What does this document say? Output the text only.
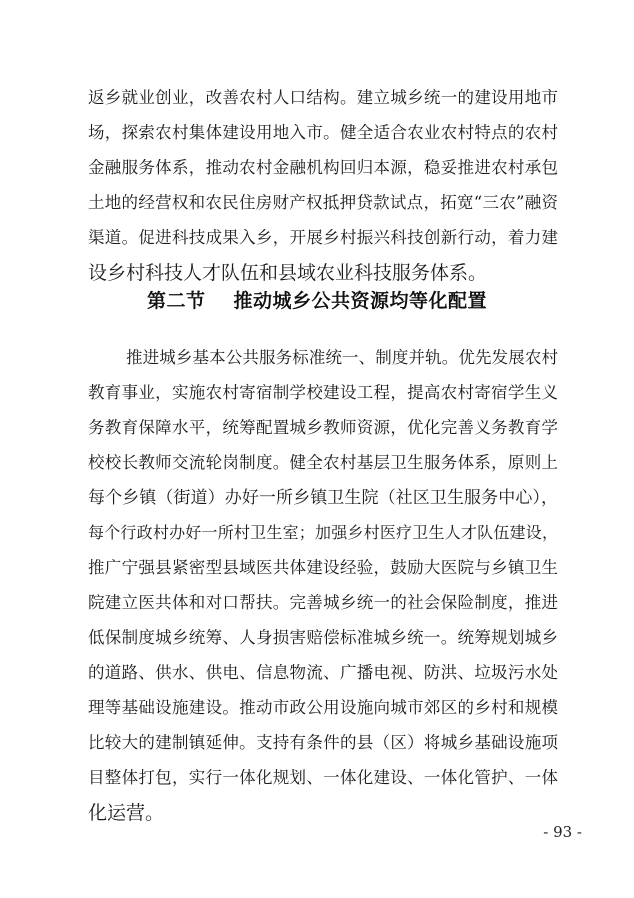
返乡就业创业，改善农村人口结构。建立城乡统一的建设用地市
场，探索农村集体建设用地入市。健全适合农业农村特点的农村
金融服务体系，推动农村金融机构回归本源，稳妥推进农村承包
土地的经营权和农民住房财产权抵押贷款试点，拓宽“三农”融资
渠道。促进科技成果入乡，开展乡村振兴科技创新行动，着力建
设乡村科技人才队伍和县域农业科技服务体系。
第二节 推动城乡公共资源均等化配置
推进城乡基本公共服务标准统一、制度并轨。优先发展农村
教育事业，实施农村寄宿制学校建设工程，提高农村寄宿学生义
务教育保障水平，统筹配置城乡教师资源，优化完善义务教育学
校校长教师交流轮岗制度。健全农村基层卫生服务体系，原则上
每个乡镇（街道）办好一所乡镇卫生院（社区卫生服务中心），
每个行政村办好一所村卫生室；加强乡村医疗卫生人才队伍建设，
推广宁强县紧密型县域医共体建设经验，鼓励大医院与乡镇卫生
院建立医共体和对口帮扶。完善城乡统一的社会保险制度，推进
低保制度城乡统筹、人身损害赔偿标准城乡统一。统筹规划城乡
的道路、供水、供电、信息物流、广播电视、防洪、垃圾污水处
理等基础设施建设。推动市政公用设施向城市郊区的乡村和规模
比较大的建制镇延伸。支持有条件的县（区）将城乡基础设施项
目整体打包，实行一体化规划、一体化建设、一体化管护、一体
化运营。
- 93 -
